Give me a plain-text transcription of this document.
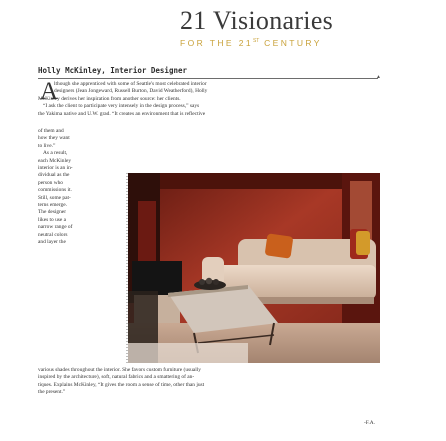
21 Visionaries
FOR THE 21ST CENTURY
Holly McKinley, Interior Designer
▲
A

lthough she apprenticed with some of Seattle's most celebrated interior

designers (Jean Jongeward, Russell Burton, David Weatherford), Holly

McKinley derives her inspiration from another source: her clients.

“I ask the client to participate very intensely in the design process,” says

the Yakima native and U.W. grad. “It creates an environment that is reflective

of them and

how they want

to live.”

As a result,

each McKinley

interior is an in-

dividual as the

person who

commissions it.

Still, some pat-

terns emerge.

The designer

likes to use a

narrow range of

neutral colors

and layer the

various shades throughout the interior. She favors custom furniture (usually

inspired by the architecture), soft, natural fabrics and a smattering of an-

tiques. Explains McKinley, “It gives the room a sense of time, other than just

the present.”

-F.A.
